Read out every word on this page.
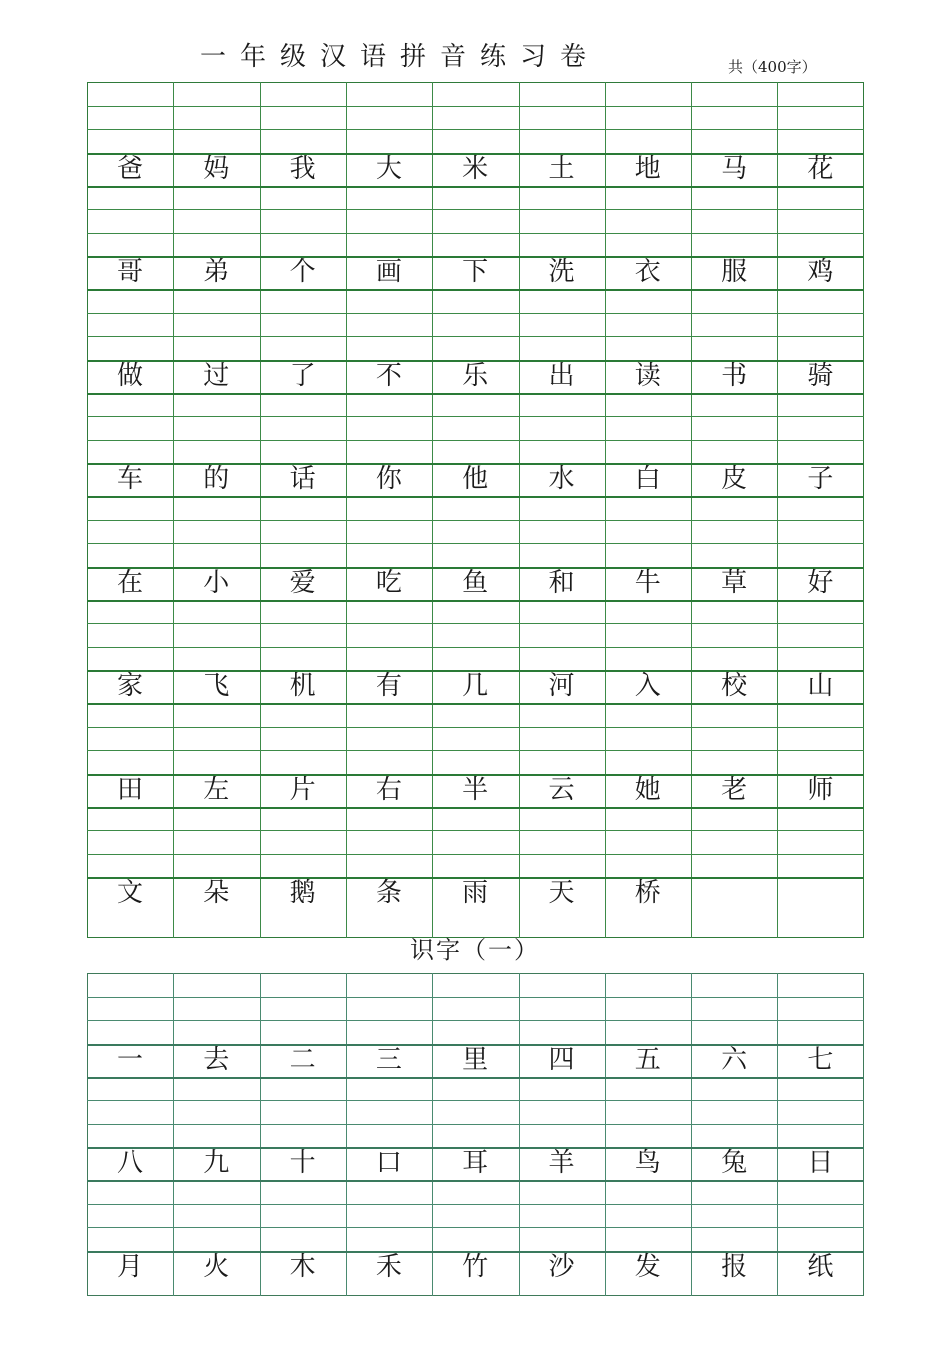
一年级汉语拼音练习卷	共（400字）
爸	妈	我	大	米	土	地	马	花
哥	弟	个	画	下	洗	衣	服	鸡
做	过	了	不	乐	出	读	书	骑
车	的	话	你	他	水	白	皮	子
在	小	爱	吃	鱼	和	牛	草	好
家	飞	机	有	几	河	入	校	山
田	左	片	右	半	云	她	老	师
文	朵	鹅	条	雨	天	桥
识字（一）
一	去	二	三	里	四	五	六	七
八	九	十	口	耳	羊	鸟	兔	日
月	火	木	禾	竹	沙	发	报	纸
